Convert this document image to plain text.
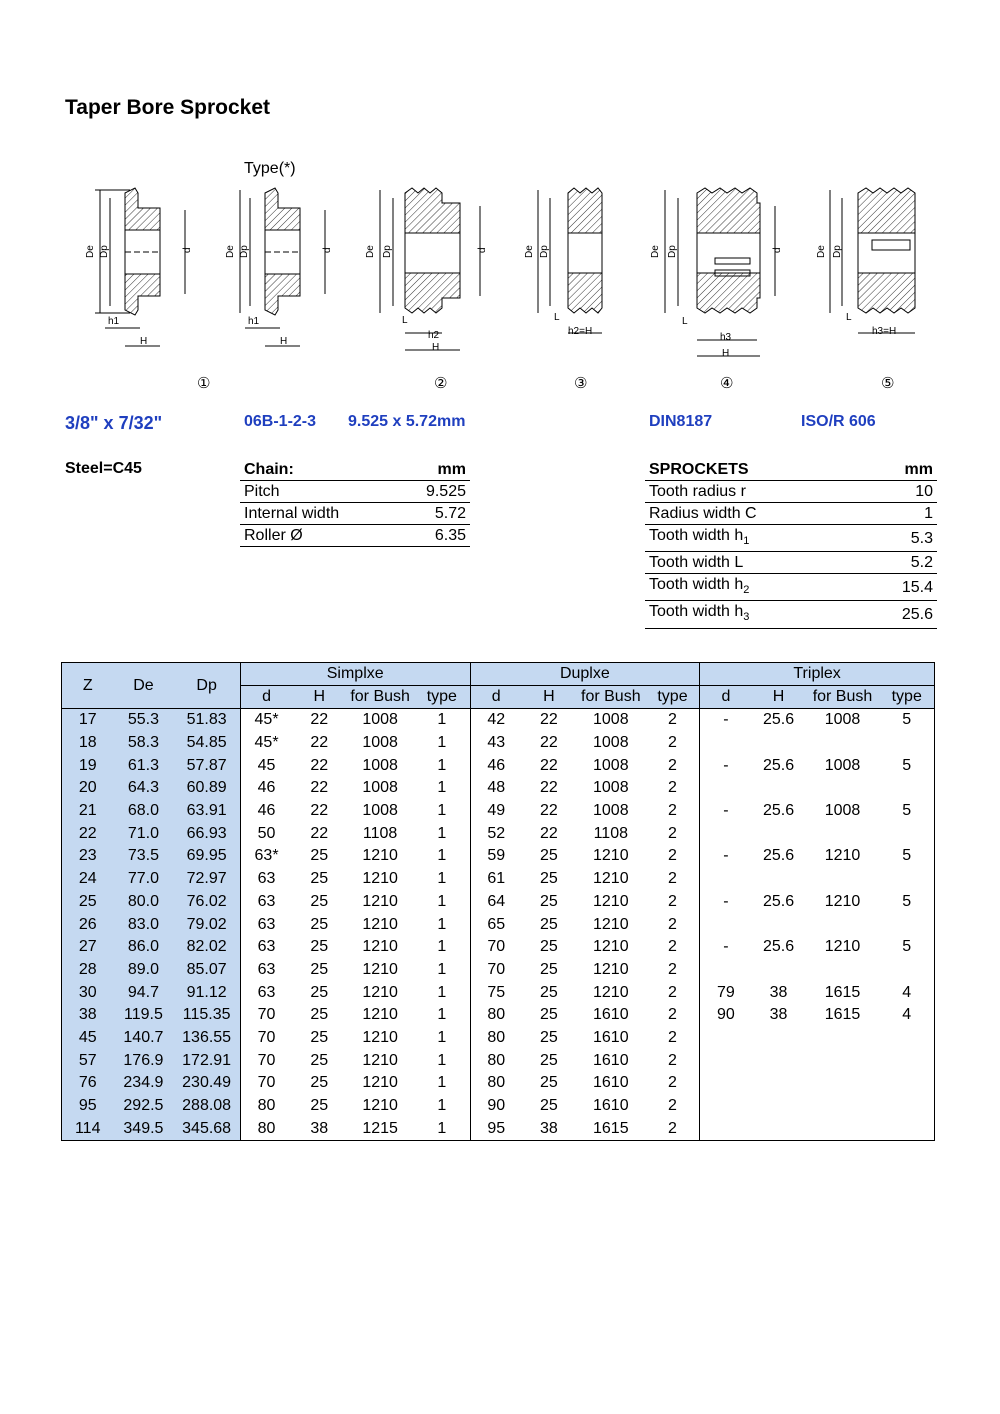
Taper Bore Sprocket
Type(*)
De Dp	d
h1
H
De Dp	d
h1
H
De Dp	d
L
h2
H
De Dp
L
h2=H
De Dp	d
L
h3
H
De Dp
L
h3=H
①	②	③	④	⑤
3/8" x 7/32"	06B-1-2-3 9.525 x 5.72mm	DIN8187	ISO/R 606
Steel=C45	Chain:	mm
Pitch	9.525
Internal width	5.72
Roller Ø	6.35
SPROCKETS	mm
Tooth radius r	10
Radius width C	1
Tooth width $h_1$	5.3
Tooth width L	5.2
Tooth width $h_2$	15.4
Tooth width $h_3$	25.6
Z	De	Dp	Simplxe				Duplxe				Triplex			
			d	H	for Bush	type	d	H	for Bush	type	d	H	for Bush	type
17	55.3	51.83	45*	22	1008	1	42	22	1008	2	-	25.6	1008	5
18	58.3	54.85	45*	22	1008	1	43	22	1008	2				
19	61.3	57.87	45	22	1008	1	46	22	1008	2	-	25.6	1008	5
20	64.3	60.89	46	22	1008	1	48	22	1008	2				
21	68.0	63.91	46	22	1008	1	49	22	1008	2	-	25.6	1008	5
22	71.0	66.93	50	22	1108	1	52	22	1108	2				
23	73.5	69.95	63*	25	1210	1	59	25	1210	2	-	25.6	1210	5
24	77.0	72.97	63	25	1210	1	61	25	1210	2				
25	80.0	76.02	63	25	1210	1	64	25	1210	2	-	25.6	1210	5
26	83.0	79.02	63	25	1210	1	65	25	1210	2				
27	86.0	82.02	63	25	1210	1	70	25	1210	2	-	25.6	1210	5
28	89.0	85.07	63	25	1210	1	70	25	1210	2				
30	94.7	91.12	63	25	1210	1	75	25	1210	2	79	38	1615	4
38	119.5	115.35	70	25	1210	1	80	25	1610	2	90	38	1615	4
45	140.7	136.55	70	25	1210	1	80	25	1610	2				
57	176.9	172.91	70	25	1210	1	80	25	1610	2				
76	234.9	230.49	70	25	1210	1	80	25	1610	2				
95	292.5	288.08	80	25	1210	1	90	25	1610	2				
114	349.5	345.68	80	38	1215	1	95	38	1615	2				
